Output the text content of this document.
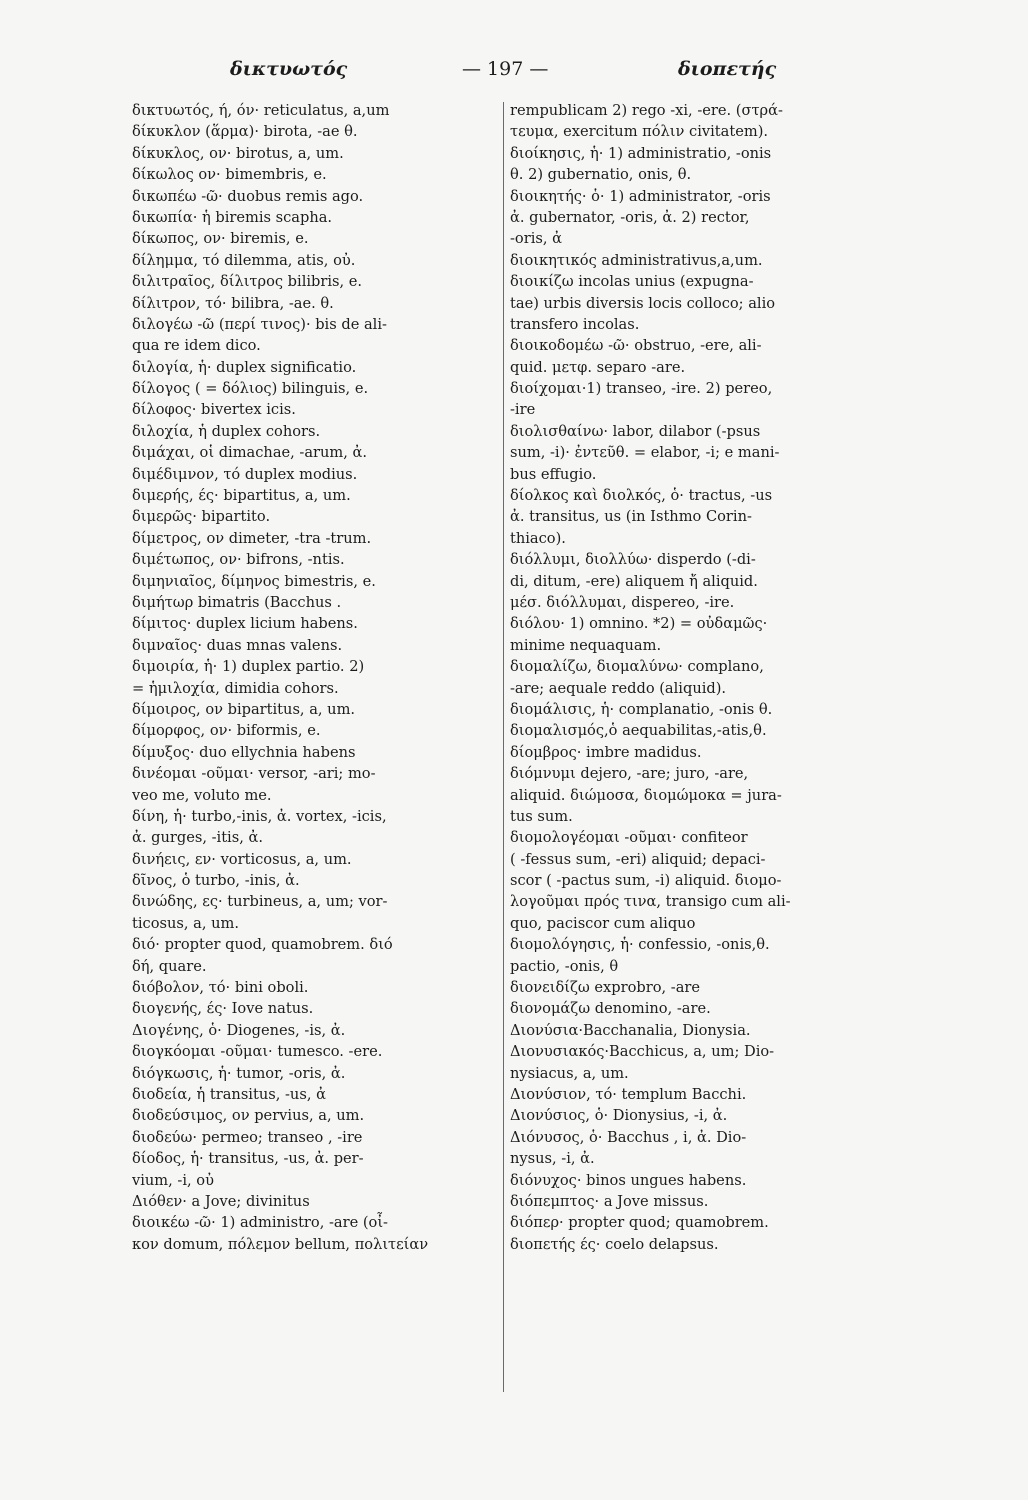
δικτυωτός	— 197 —	διοπετής
δικτυωτός, ή, όν· reticulatus, a,um
δίκυκλον (ἅρμα)· birota, -ae θ.
δίκυκλος, ον· birotus, a, um.
δίκωλος ον· bimembris, e.
δικωπέω -ῶ· duobus remis ago.
δικωπία· ἡ biremis scapha.
δίκωπος, ον· biremis, e.
δίλημμα, τό dilemma, atis, οὐ.
διλιτραῖος, δίλιτρος bilibris, e.
δίλιτρον, τό· bilibra, -ae. θ.
διλογέω -ῶ (περί τινος)· bis de ali-
qua re idem dico.
διλογία, ἡ· duplex significatio.
δίλογος ( = δόλιος) bilinguis, e.
δίλοφος· bivertex icis.
διλοχία, ἡ duplex cohors.
διμάχαι, οἱ dimachae, -arum, ἀ.
διμέδιμνον, τό duplex modius.
διμερής, ές· bipartitus, a, um.
διμερῶς· bipartito.
δίμετρος, ον dimeter, -tra -trum.
διμέτωπος, ον· bifrons, -ntis.
διμηνιαῖος, δίμηνος bimestris, e.
διμήτωρ bimatris (Bacchus .
δίμιτος· duplex licium habens.
διμναῖος· duas mnas valens.
διμοιρία, ἡ· 1) duplex partio. 2)
= ἡμιλοχία, dimidia cohors.
δίμοιρος, ον bipartitus, a, um.
δίμορφος, ον· biformis, e.
δίμυξος· duo ellychnia habens
δινέομαι -οῦμαι· versor, -ari; mo-
veo me, voluto me.
δίνη, ἡ· turbo,-inis, ἀ. vortex, -icis,
ἀ. gurges, -itis, ἀ.
δινήεις, εν· vorticosus, a, um.
δῖνος, ὁ turbo, -inis, ἀ.
δινώδης, ες· turbineus, a, um; vor-
ticosus, a, um.
διό· propter quod, quamobrem. διό
δή, quare.
διόβολον, τό· bini oboli.
διογενής, ές· Iove natus.
Διογένης, ὁ· Diogenes, -is, ἀ.
διογκόομαι -οῦμαι· tumesco. -ere.
διόγκωσις, ἡ· tumor, -oris, ἀ.
διοδεία, ἡ transitus, -us, ἀ
διοδεύσιμος, ον pervius, a, um.
διοδεύω· permeo; transeo , -ire
δίοδος, ἡ· transitus, -us, ἀ. per-
vium, -i, οὐ
Διόθεν· a Jove; divinitus
διοικέω -ῶ· 1) administro, -are (οἶ-
κον domum, πόλεμον bellum, πολιτείαν
rempublicam 2) rego -xi, -ere. (στρά-
τευμα, exercitum πόλιν civitatem).
διοίκησις, ἡ· 1) administratio, -onis
θ. 2) gubernatio, onis, θ.
διοικητής· ὁ· 1) administrator, -oris
ἀ. gubernator, -oris, ἀ. 2) rector,
-oris, ἀ
διοικητικός administrativus,a,um.
διοικίζω incolas unius (expugna-
tae) urbis diversis locis colloco; alio
transfero incolas.
διοικοδομέω -ῶ· obstruo, -ere, ali-
quid. μετφ. separo -are.
διοίχομαι·1) transeo, -ire. 2) pereo,
-ire
διολισθαίνω· labor, dilabor (-psus
sum, -i)· ἐντεῦθ. = elabor, -i; e mani-
bus effugio.
δίολκος καὶ διολκός, ὁ· tractus, -us
ἀ. transitus, us (in Isthmo Corin-
thiaco).
διόλλυμι, διολλύω· disperdo (-di-
di, ditum, -ere) aliquem ἤ aliquid.
μέσ. διόλλυμαι, dispereo, -ire.
διόλου· 1) omnino. *2) = οὐδαμῶς·
minime nequaquam.
διομαλίζω, διομαλύνω· complano,
-are; aequale reddo (aliquid).
διομάλισις, ἡ· complanatio, -onis θ.
διομαλισμός,ὁ aequabilitas,-atis,θ.
δίομβρος· imbre madidus.
διόμνυμι dejero, -are; juro, -are,
aliquid. διώμοσα, διομώμοκα = jura-
tus sum.
διομολογέομαι -οῦμαι· confiteor
( -fessus sum, -eri) aliquid; depaci-
scor ( -pactus sum, -i) aliquid. διομο-
λογοῦμαι πρός τινα, transigo cum ali-
quo, paciscor cum aliquo
διομολόγησις, ἡ· confessio, -onis,θ.
pactio, -onis, θ
διονειδίζω exprobro, -are
διονομάζω denomino, -are.
Διονύσια·Bacchanalia, Dionysia.
Διονυσιακός·Bacchicus, a, um; Dio-
nysiacus, a, um.
Διονύσιον, τό· templum Bacchi.
Διονύσιος, ὁ· Dionysius, -i, ἀ.
Διόνυσος, ὁ· Bacchus , i, ἀ. Dio-
nysus, -i, ἀ.
διόνυχος· binos ungues habens.
διόπεμπτος· a Jove missus.
διόπερ· propter quod; quamobrem.
διοπετής ές· coelo delapsus.
